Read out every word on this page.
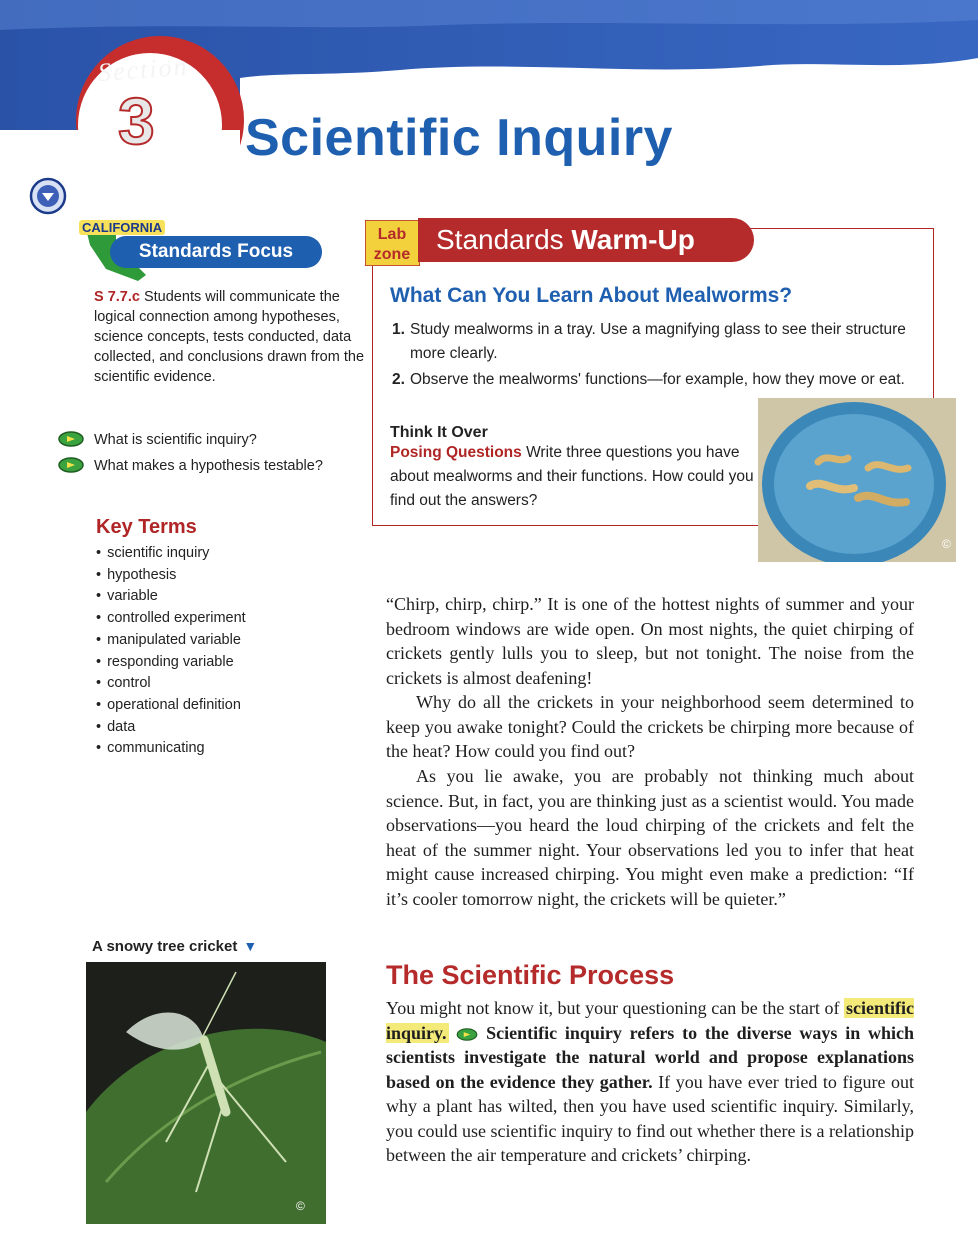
Section
3 Scientific Inquiry
CALIFORNIA
Standards Focus
S 7.7.c Students will communicate the logical connection among hypotheses, science concepts, tests conducted, data collected, and conclusions drawn from the scientific evidence.
What is scientific inquiry?
What makes a hypothesis testable?
Key Terms
• scientific inquiry
• hypothesis
• variable
• controlled experiment
• manipulated variable
• responding variable
• control
• operational definition
• data
• communicating
Lab
zone Standards Warm-Up
What Can You Learn About Mealworms?
1. Study mealworms in a tray. Use a magnifying glass to see their structure more clearly.
2. Observe the mealworms' functions—for example, how they move or eat.
Think It Over
Posing Questions Write three questions you have about mealworms and their functions. How could you find out the answers?
©
“Chirp, chirp, chirp.” It is one of the hottest nights of summer and your bedroom windows are wide open. On most nights, the quiet chirping of crickets gently lulls you to sleep, but not tonight. The noise from the crickets is almost deafening!
Why do all the crickets in your neighborhood seem determined to keep you awake tonight? Could the crickets be chirping more because of the heat? How could you find out?
As you lie awake, you are probably not thinking much about science. But, in fact, you are thinking just as a scientist would. You made observations—you heard the loud chirping of the crickets and felt the heat of the summer night. Your observations led you to infer that heat might cause increased chirping. You might even make a prediction: “If it’s cooler tomorrow night, the crickets will be quieter.”
The Scientific Process
You might not know it, but your questioning can be the start of scientific inquiry.  Scientific inquiry refers to the diverse ways in which scientists investigate the natural world and propose explanations based on the evidence they gather. If you have ever tried to figure out why a plant has wilted, then you have used scientific inquiry. Similarly, you could use scientific inquiry to find out whether there is a relationship between the air temperature and crickets’ chirping.
A snowy tree cricket ▼
©
